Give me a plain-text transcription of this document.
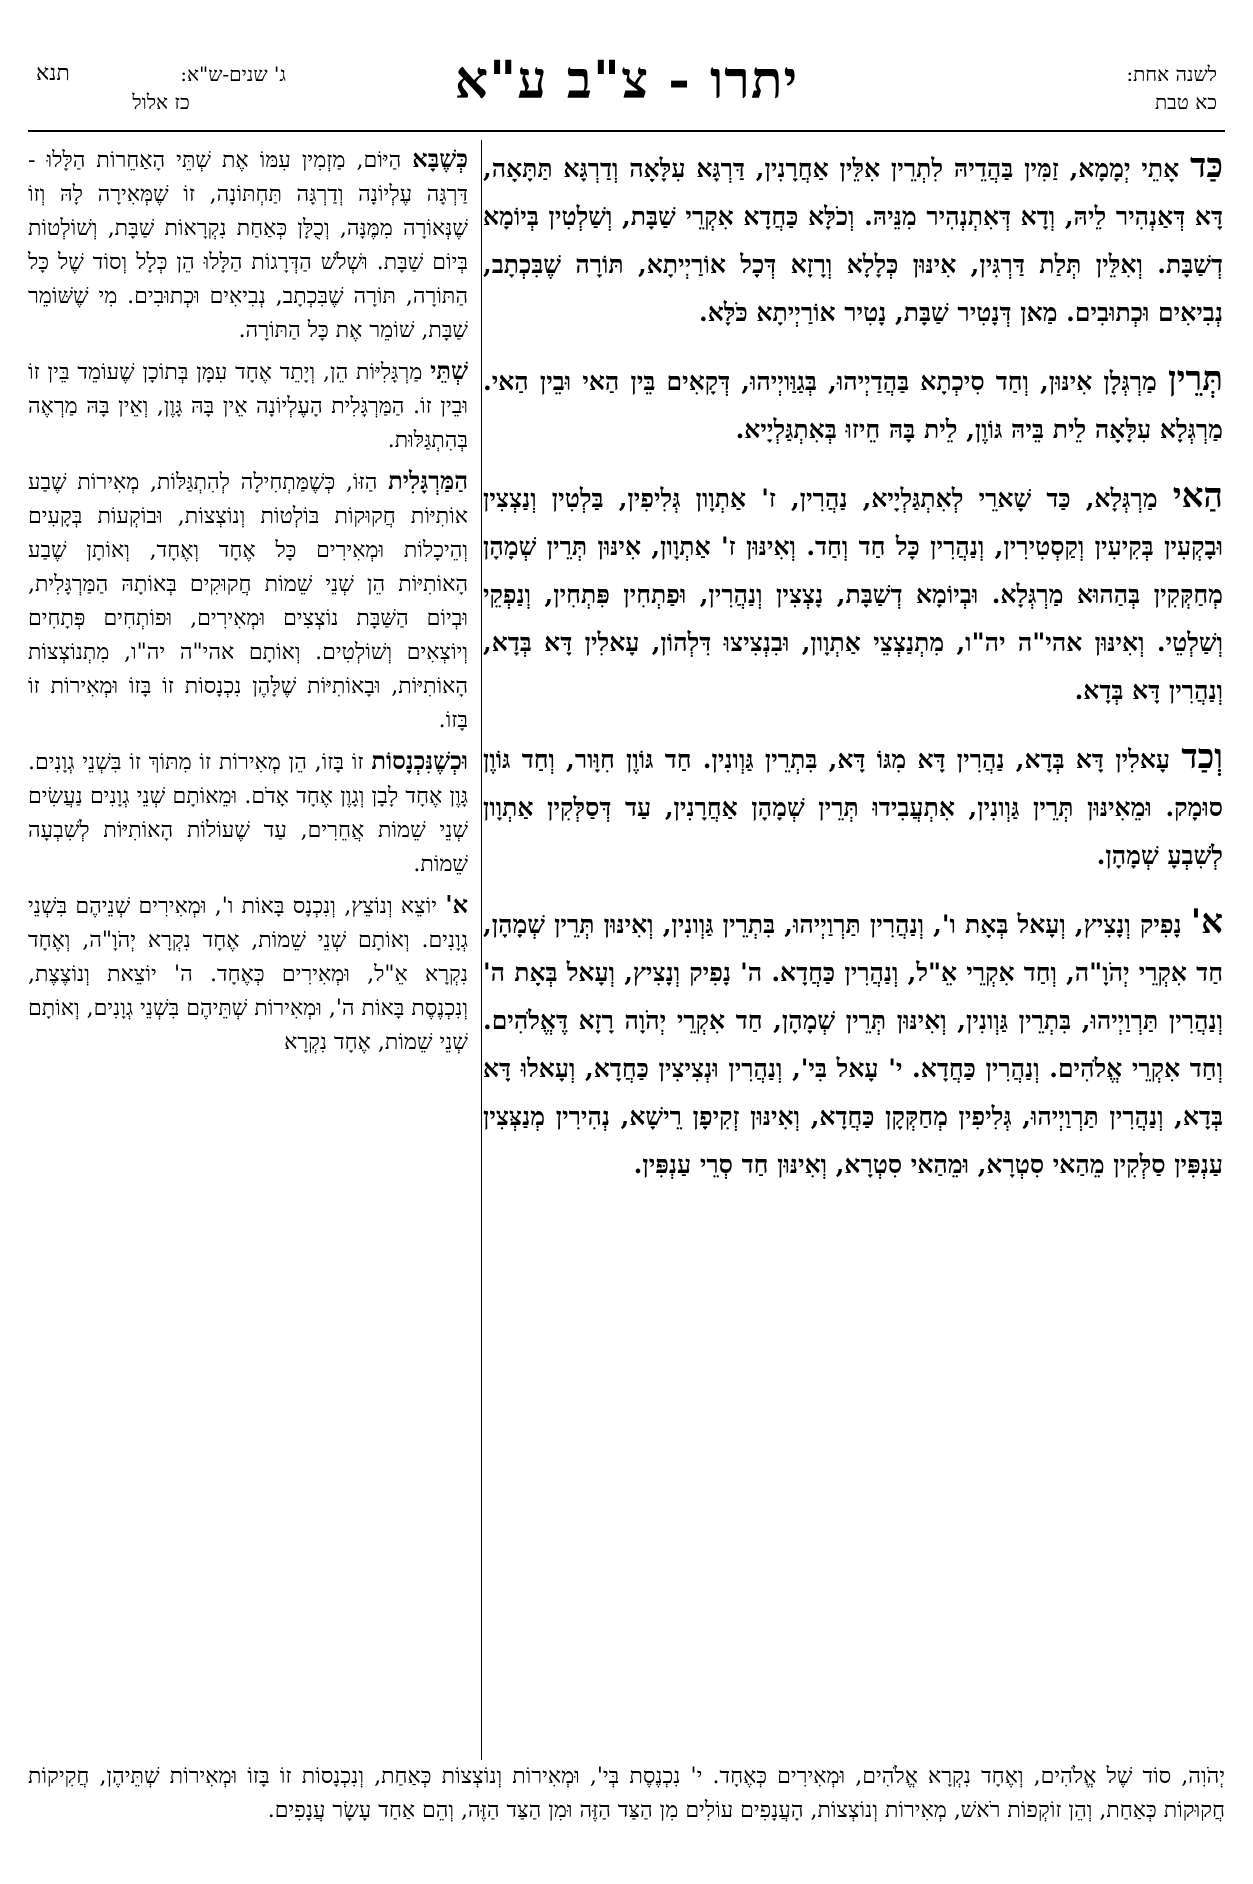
לשנה אחת:
כא טבת
יתרו - צ"ב ע"א
ג' שנים-ש"א:
תנא
כז אלול

כַּד אָתֵי יְמָמָא, זַמִּין בַּהֲדֵיהּ לִתְרֵין אִלֵּין אַחֲרָנִין, דַּרְגָּא עִלָּאָה וְדַרְגָּא תַּתָּאָה, דָּא דְּאַנְהִיר לֵיהּ, וְדָא דְּאִתְנְהִיר מִנֵּיהּ. וְכֹלָּא כַּחֲדָא אִקְרֵי שַׁבָּת, וְשַׁלְטִין בְּיוֹמָא דְשַׁבָּת. וְאִלֵּין תְּלַת דַּרְגִּין, אִינּוּן כְּלָלָא וְרָזָא דְּכָל אוֹרַיְיתָא, תּוֹרָה שֶׁבִּכְתָב, נְבִיאִים וּכְתוּבִים. מַאן דְּנָטִיר שַׁבָּת, נָטִיר אוֹרַיְיתָא כֹּלָּא.

תְּרֵין מַרְגְּלָן אִינּוּן, וְחַד סִיכְתָא בַּהֲדַיְיהוּ, בְּגַוַּויְיהוּ, דְּקָאִים בֵּין הַאי וּבֵין הַאי. מַרְגְּלָא עִלָּאָה לֵית בֵּיהּ גּוֹוֶן, לֵית בָּהּ חֵיזוּ בְּאִתְגַּלְיָיא.

הַאי מַרְגְּלָא, כַּד שָׁארֵי לְאִתְגַּלְיָיא, נַהֲרִין, ז' אַתְוָון גְּלִיפִין, בַּלְטִין וְנַצְצִין וּבָקְעִין בְּקִיעִין וְקַסְטִירִין, וְנַהֲרִין כָּל חַד וְחַד. וְאִינּוּן ז' אַתְוָון, אִינּוּן תְּרֵין שְׁמָהָן מְחַקְּקִין בְּהַהוּא מַרְגְּלָא. וּבְיוֹמָא דְשַׁבָּת, נָצְצִין וְנַהֲרִין, וּפַתְחִין פִּתְחִין, וְנַפְקֵי וְשַׁלְטֵי. וְאִינּוּן אהי"ה יה"ו, מִתְנַצְצֵי אַתְוָון, וּבִנְצִיצוּ דִּלְהוֹן, עָאלִין דָּא בְּדָא, וְנַהֲרִין דָּא בְּדָא.

וְכַד עָאלִין דָּא בְּדָא, נַהֲרִין דָּא מִגּוֹ דָּא, בִּתְרֵין גַּוְונִין. חַד גּוֹוֶן חִוָּור, וְחַד גּוֹוֶן סוּמָק. וּמֵאִינּוּן תְּרֵין גַּוְונִין, אִתְעֲבִידוּ תְּרֵין שְׁמָהָן אַחֲרָנִין, עַד דְּסַלְּקִין אַתְוָון לְשִׁבְעָ שְׁמָהָן.

א' נָפִיק וְנָצִיץ, וְעָאל בְּאָת ו', וְנַהֲרִין תַּרְוַיְיהוּ, בִּתְרֵין גַּוְונִין, וְאִינּוּן תְּרֵין שְׁמָהָן, חַד אִקְרֵי יְהֹוָ"ה, וְחַד אִקְרֵי אֵ"ל, וְנַהֲרִין כַּחֲדָא. ה' נָפִיק וְנָצִיץ, וְעָאל בְּאָת ה' וְנַהֲרִין תַּרְוַיְיהוּ, בִּתְרֵין גַּוְונִין, וְאִינּוּן תְּרֵין שְׁמָהָן, חַד אִקְרֵי יְהֹוָה רָזָא דֶּאֱלֹהִים. וְחַד אִקְרֵי אֱלֹהִים. וְנַהֲרִין כַּחֲדָא. י' עָאל בִּי', וְנַהֲרִין וּנְצִיצִין כַּחֲדָא, וְעָאלוּ דָּא בְּדָא, וְנַהֲרִין תַּרְוַיְיהוּ, גְּלִיפִין מְחַקְּקָן כַּחֲדָא, וְאִינּוּן זְקִיפָן רֵישָׁא, נְהִירִין מְנַצְּצִין עַנְפִּין סַלְּקִין מֵהַאי סִטְרָא, וּמֵהַאי סִטְרָא, וְאִינּוּן חַד סְרֵי עַנְפִּין.

כְּשֶׁבָּא הַיּוֹם, מַזְמִין עִמּוֹ אֶת שְׁתֵּי הָאַחֵרוֹת הַלָּלוּ - דַּרְגָּה עֶלְיוֹנָה וְדַרְגָּה תַּחְתּוֹנָה, זוֹ שֶׁמְּאִירָה לָהּ וְזוֹ שֶׁנְּאוֹרָה מִמֶּנָּה, וְכֻלָּן כְּאַחַת נִקְרָאוֹת שַׁבָּת, וְשׁוֹלְטוֹת בְּיוֹם שַׁבָּת. וּשְׁלֹשׁ הַדְּרָגוֹת הַלָּלוּ הֵן כְּלָל וְסוֹד שֶׁל כָּל הַתּוֹרָה, תּוֹרָה שֶׁבִּכְתָב, נְבִיאִים וּכְתוּבִים. מִי שֶׁשּׁוֹמֵר שַׁבָּת, שׁוֹמֵר אֶת כָּל הַתּוֹרָה.

שְׁתֵּי מַרְגָּלִיּוֹת הֵן, וְיָתֵד אֶחָד עִמָּן בְּתוֹכָן שֶׁעוֹמֵד בֵּין זוֹ וּבֵין זוֹ. הַמַּרְגָּלִית הָעֶלְיוֹנָה אֵין בָּהּ גָּוֶן, וְאֵין בָּהּ מַרְאֶה בְּהִתְגַּלּוּת.

הַמַּרְגָּלִית הַזּוֹ, כְּשֶׁמַּתְחִילָה לְהִתְגַּלּוֹת, מְאִירוֹת שֶׁבַע אוֹתִיּוֹת חֲקוּקוֹת בּוֹלְטוֹת וְנוֹצְצוֹת, וּבוֹקְעוֹת בְּקָעִים וְהֵיכָלוֹת וּמְאִירִים כָּל אֶחָד וְאֶחָד, וְאוֹתָן שֶׁבַע הָאוֹתִיּוֹת הֵן שְׁנֵי שֵׁמוֹת חֲקוּקִים בְּאוֹתָהּ הַמַּרְגָּלִית, וּבְיוֹם הַשַּׁבָּת נוֹצְצִים וּמְאִירִים, וּפוֹתְחִים פְּתָחִים וְיוֹצְאִים וְשׁוֹלְטִים. וְאוֹתָם אהי"ה יה"ו, מִתְנוֹצְצוֹת הָאוֹתִיּוֹת, וּבָאוֹתִיּוֹת שֶׁלָּהֶן נִכְנָסוֹת זוֹ בָּזוֹ וּמְאִירוֹת זוֹ בָּזוֹ.

וּכְשֶׁנִּכְנָסוֹת זוֹ בָּזוֹ, הֵן מְאִירוֹת זוֹ מִתּוֹךְ זוֹ בִּשְׁנֵי גְוָנִים. גָּוֶן אֶחָד לָבָן וְגָוֶן אֶחָד אָדֹם. וּמֵאוֹתָם שְׁנֵי גְוָנִים נַעֲשִׂים שְׁנֵי שֵׁמוֹת אֲחֵרִים, עַד שֶׁעוֹלוֹת הָאוֹתִיּוֹת לְשִׁבְעָה שֵׁמוֹת.

א' יוֹצֵא וְנוֹצֵץ, וְנִכְנָס בָּאוֹת ו', וּמְאִירִים שְׁנֵיהֶם בִּשְׁנֵי גְוָנִים. וְאוֹתָם שְׁנֵי שֵׁמוֹת, אֶחָד נִקְרָא יְהֹוָ"ה, וְאֶחָד נִקְרָא אֵ"ל, וּמְאִירִים כְּאֶחָד. ה' יוֹצֵאת וְנוֹצֶצֶת, וְנִכְנֶסֶת בָּאוֹת ה', וּמְאִירוֹת שְׁתֵּיהֶם בִּשְׁנֵי גְוָנִים, וְאוֹתָם שְׁנֵי שֵׁמוֹת, אֶחָד נִקְרָא

יְהֹוִה, סוֹד שֶׁל אֱלֹהִים, וְאֶחָד נִקְרָא אֱלֹהִים, וּמְאִירִים כְּאֶחָד. י' נִכְנֶסֶת בְּי', וּמְאִירוֹת וְנוֹצְצוֹת כְּאַחַת, וְנִכְנָסוֹת זוֹ בָּזוֹ וּמְאִירוֹת שְׁתֵּיהֶן, חֲקִיקוֹת חֲקוּקוֹת כְּאַחַת, וְהֵן זוֹקְפוֹת רֹאשׁ, מְאִירוֹת וְנוֹצְצוֹת, הָעֲנָפִים עוֹלִים מִן הַצַּד הַזֶּה וּמִן הַצַּד הַזֶּה, וְהֵם אַחַד עָשָׂר עֲנָפִים.
